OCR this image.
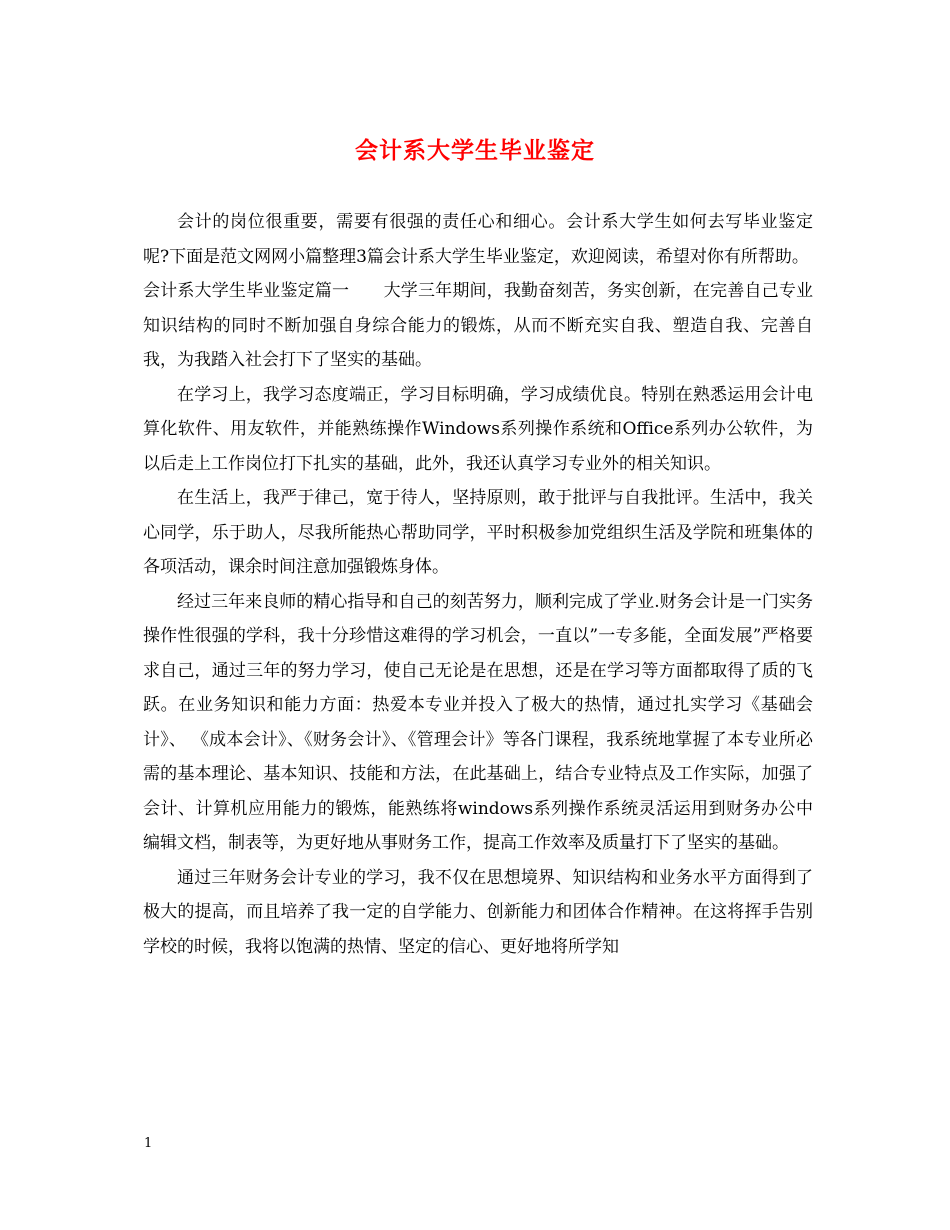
会计系大学生毕业鉴定

会计的岗位很重要，需要有很强的责任心和细心。会计系大学生如何去写毕业鉴定呢?下面是范文网网小篇整理3篇会计系大学生毕业鉴定，欢迎阅读，希望对你有所帮助。

会计系大学生毕业鉴定篇一　　大学三年期间，我勤奋刻苦，务实创新，在完善自己专业知识结构的同时不断加强自身综合能力的锻炼，从而不断充实自我、塑造自我、完善自我，为我踏入社会打下了坚实的基础。

在学习上，我学习态度端正，学习目标明确，学习成绩优良。特别在熟悉运用会计电算化软件、用友软件，并能熟练操作Windows系列操作系统和Office系列办公软件，为以后走上工作岗位打下扎实的基础，此外，我还认真学习专业外的相关知识。

在生活上，我严于律己，宽于待人，坚持原则，敢于批评与自我批评。生活中，我关心同学，乐于助人，尽我所能热心帮助同学，平时积极参加党组织生活及学院和班集体的各项活动，课余时间注意加强锻炼身体。

经过三年来良师的精心指导和自己的刻苦努力，顺利完成了学业.财务会计是一门实务操作性很强的学科，我十分珍惜这难得的学习机会，一直以”一专多能，全面发展”严格要求自己，通过三年的努力学习，使自己无论是在思想，还是在学习等方面都取得了质的飞跃。在业务知识和能力方面：热爱本专业并投入了极大的热情，通过扎实学习《基础会计》、 《成本会计》、《财务会计》、《管理会计》等各门课程，我系统地掌握了本专业所必需的基本理论、基本知识、技能和方法，在此基础上，结合专业特点及工作实际，加强了会计、计算机应用能力的锻炼，能熟练将windows系列操作系统灵活运用到财务办公中编辑文档，制表等，为更好地从事财务工作，提高工作效率及质量打下了坚实的基础。

通过三年财务会计专业的学习，我不仅在思想境界、知识结构和业务水平方面得到了极大的提高，而且培养了我一定的自学能力、创新能力和团体合作精神。在这将挥手告别学校的时候，我将以饱满的热情、坚定的信心、更好地将所学知

1
